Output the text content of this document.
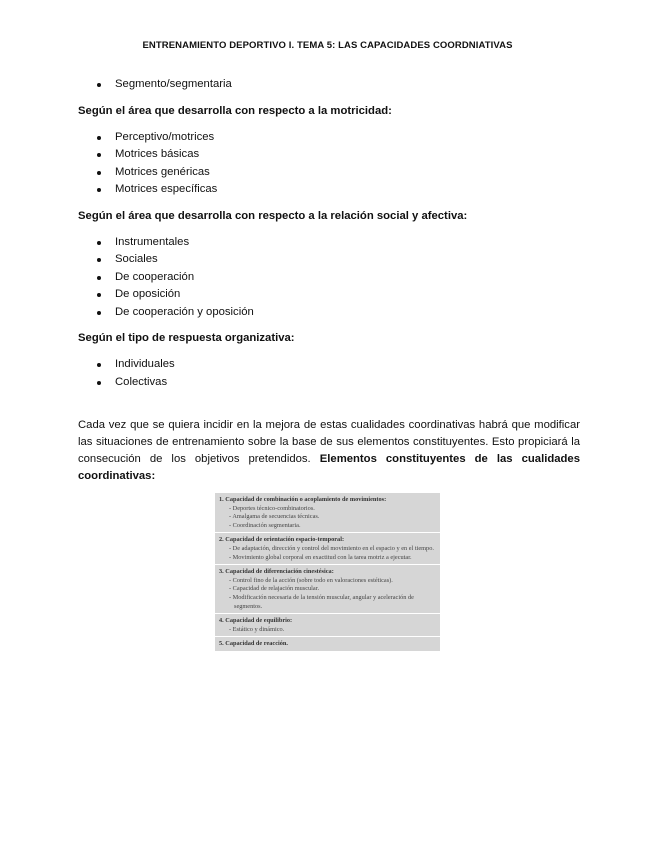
ENTRENAMIENTO DEPORTIVO I. TEMA 5: LAS CAPACIDADES COORDNIATIVAS
Segmento/segmentaria
Según el área que desarrolla con respecto a la motricidad:
Perceptivo/motrices
Motrices básicas
Motrices genéricas
Motrices específicas
Según el área que desarrolla con respecto a la relación social y afectiva:
Instrumentales
Sociales
De cooperación
De oposición
De cooperación y oposición
Según el tipo de respuesta organizativa:
Individuales
Colectivas

Cada vez que se quiera incidir en la mejora de estas cualidades coordinativas habrá que modificar las situaciones de entrenamiento sobre la base de sus elementos constituyentes. Esto propiciará la consecución de los objetivos pretendidos. Elementos constituyentes de las cualidades coordinativas:

1. Capacidad de combinación o acoplamiento de movimientos:
- Deportes técnico-combinatorios.
- Amalgama de secuencias técnicas.
- Coordinación segmentaria.
2. Capacidad de orientación espacio-temporal:
- De adaptación, dirección y control del movimiento en el espacio y en el tiempo.
- Movimiento global corporal en exactitud con la tarea motriz a ejecutar.
3. Capacidad de diferenciación cinestésica:
- Control fino de la acción (sobre todo en valoraciones estéticas).
- Capacidad de relajación muscular.
- Modificación necesaria de la tensión muscular, angular y aceleración de segmentos.
4. Capacidad de equilibrio:
- Estático y dinámico.
5. Capacidad de reacción.
